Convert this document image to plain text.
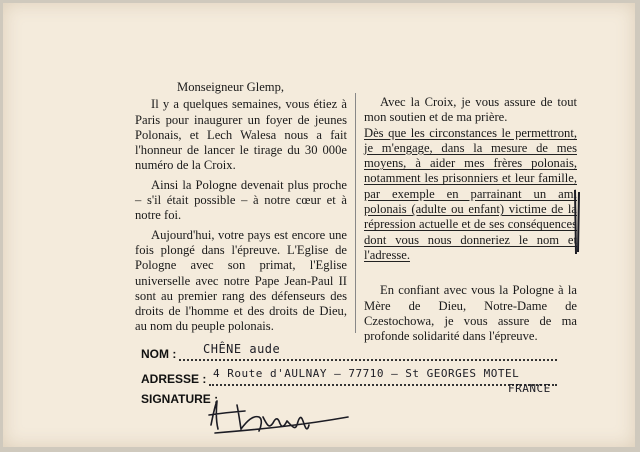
Monseigneur Glemp,

Il y a quelques semaines, vous étiez à Paris pour inaugurer un foyer de jeunes Polonais, et Lech Walesa nous a fait l'honneur de lancer le tirage du 30 000e numéro de la Croix.

Ainsi la Pologne devenait plus proche – s'il était possible – à notre cœur et à notre foi.

Aujourd'hui, votre pays est encore une fois plongé dans l'épreuve. L'Eglise de Pologne avec son primat, l'Eglise universelle avec notre Pape Jean-Paul II sont au premier rang des défenseurs des droits de l'homme et des droits de Dieu, au nom du peuple polonais.

Avec la Croix, je vous assure de tout mon soutien et de ma prière.

Dès que les circonstances le permettront, je m'engage, dans la mesure de mes moyens, à aider mes frères polonais, notamment les prisonniers et leur famille, par exemple en parrainant un ami polonais (adulte ou enfant) victime de la répression actuelle et de ses conséquences dont vous nous donneriez le nom et l'adresse.

En confiant avec vous la Pologne à la Mère de Dieu, Notre-Dame de Czestochowa, je vous assure de ma profonde solidarité dans l'épreuve.

NOM : CHÊNE aude
ADRESSE : 4 Route d'AULNAY – 77710 – St GEORGES MOTEL
FRANCE
SIGNATURE :
